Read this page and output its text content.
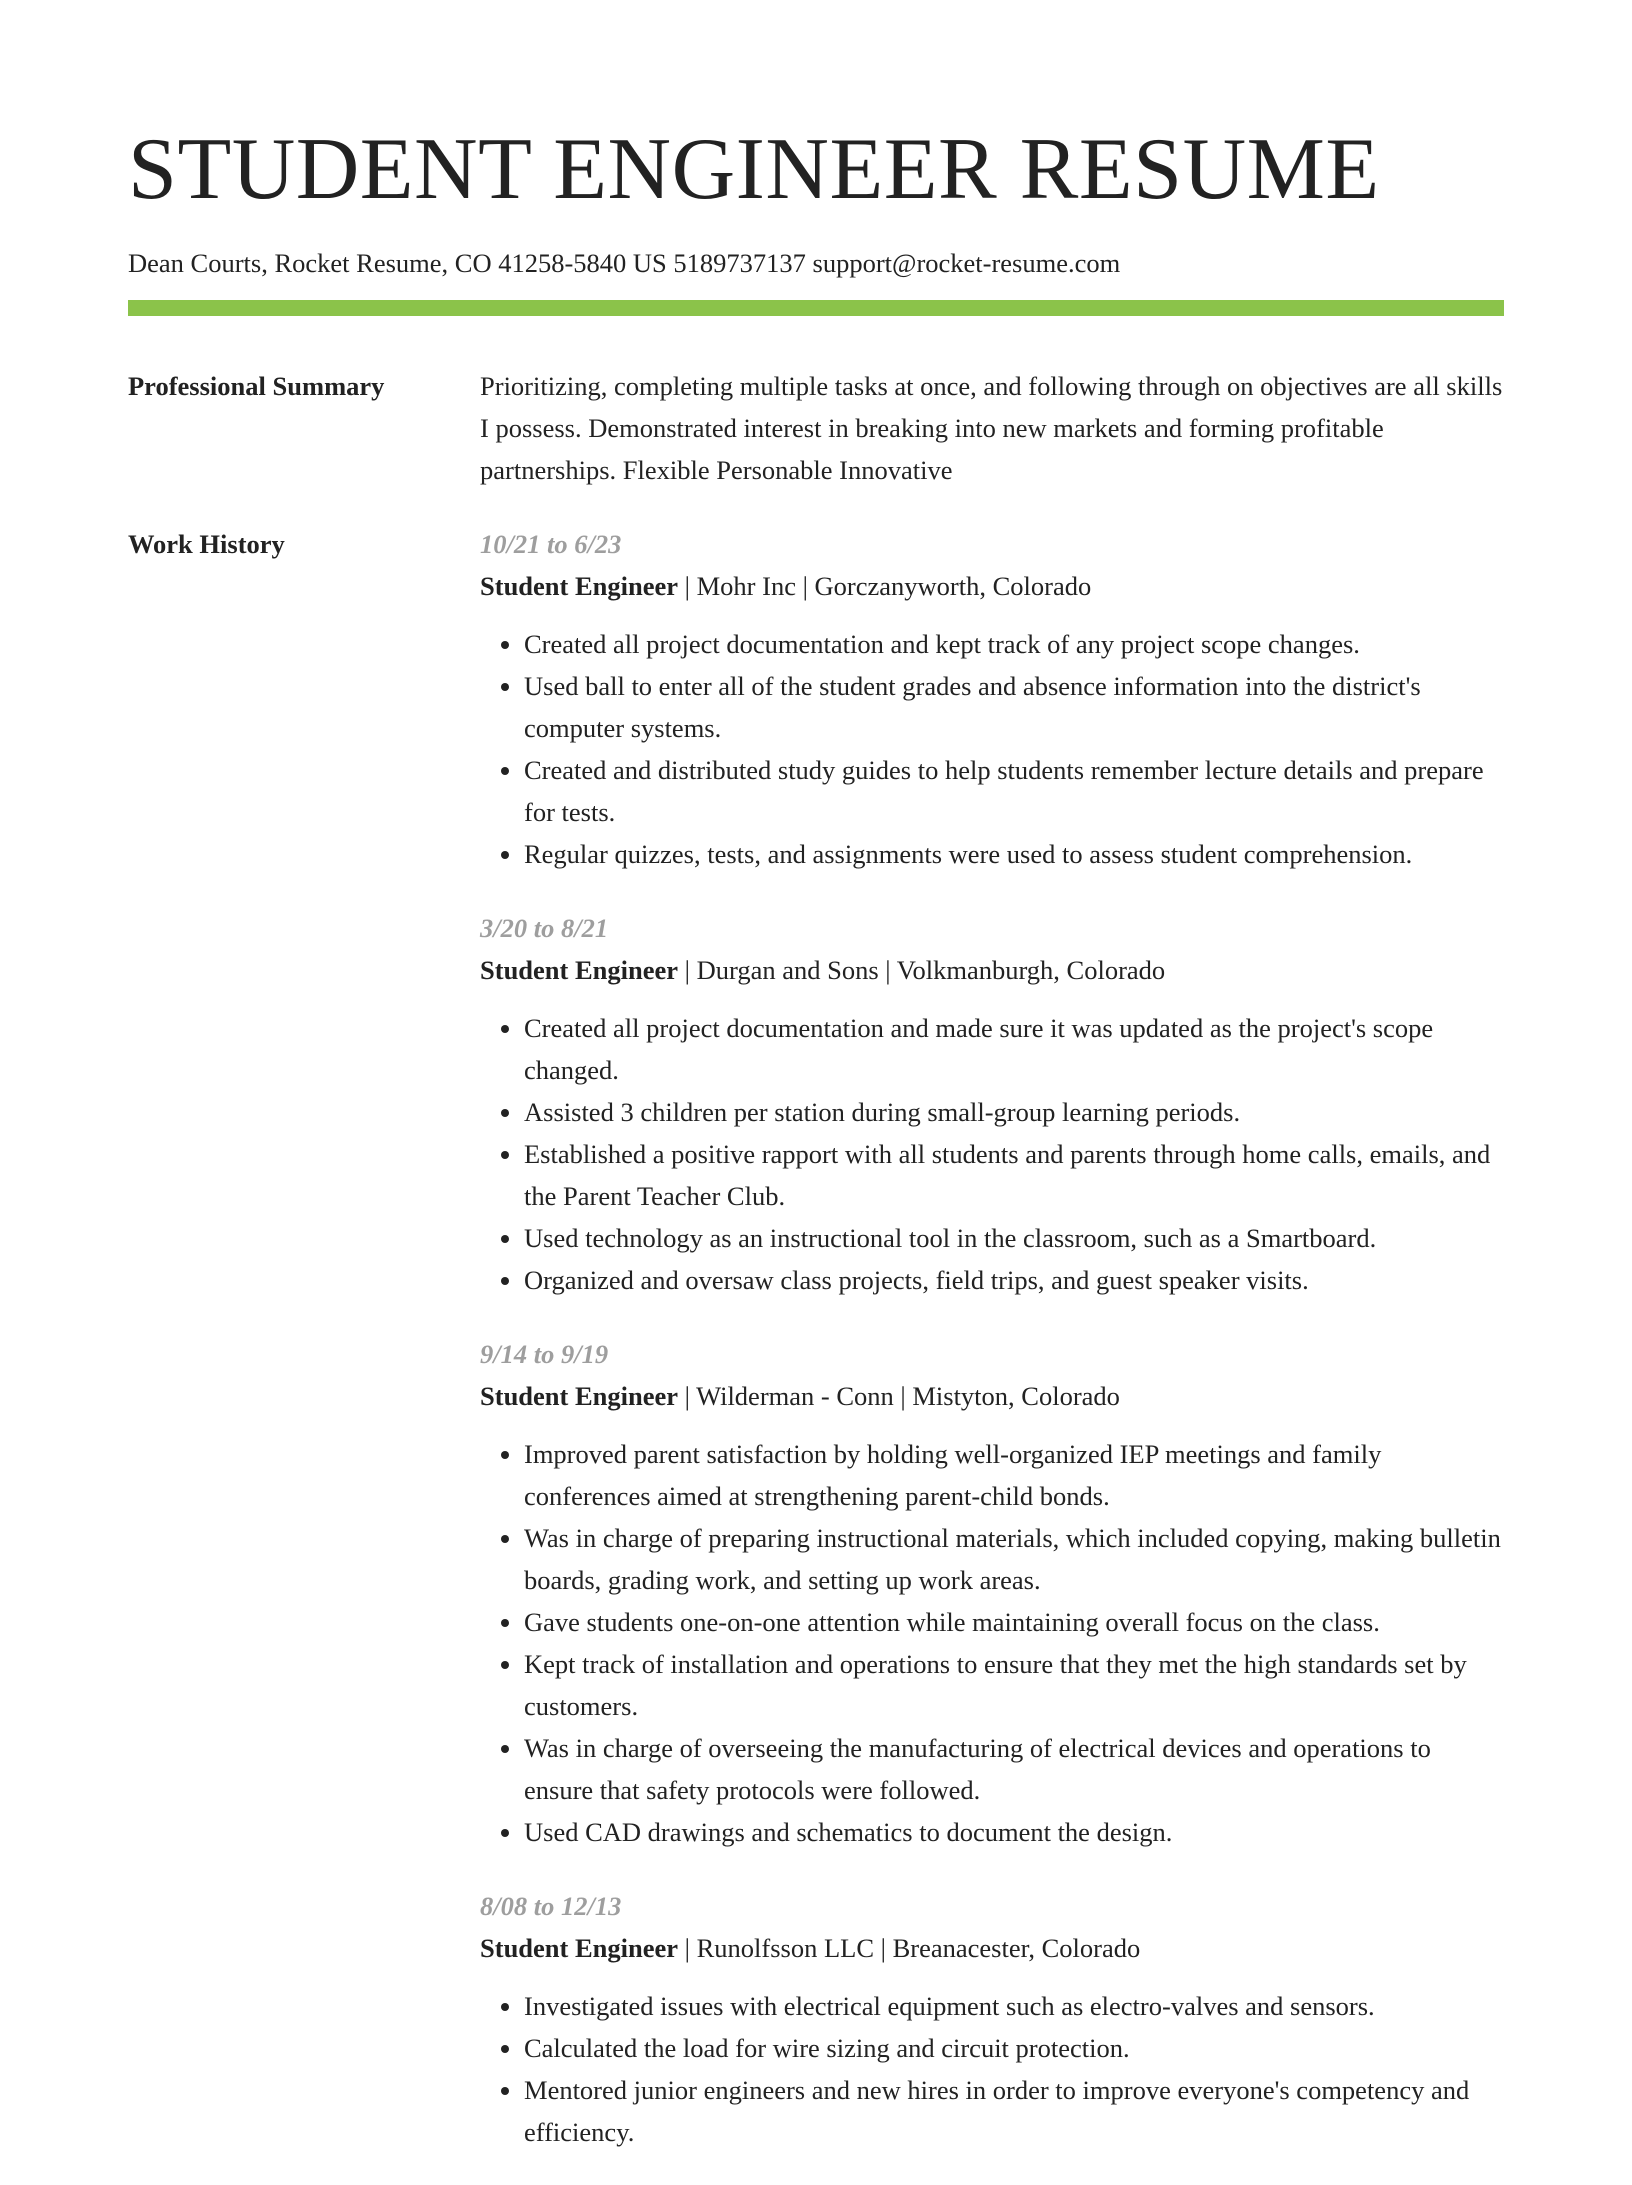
STUDENT ENGINEER RESUME
Dean Courts, Rocket Resume, CO 41258-5840 US 5189737137 support@rocket-resume.com
Professional Summary	Prioritizing, completing multiple tasks at once, and following through on objectives are all skills I possess. Demonstrated interest in breaking into new markets and forming profitable partnerships. Flexible Personable Innovative

Work History	10/21 to 6/23
Student Engineer | Mohr Inc | Gorczanyworth, Colorado
• Created all project documentation and kept track of any project scope changes.
• Used ball to enter all of the student grades and absence information into the district's computer systems.
• Created and distributed study guides to help students remember lecture details and prepare for tests.
• Regular quizzes, tests, and assignments were used to assess student comprehension.
3/20 to 8/21
Student Engineer | Durgan and Sons | Volkmanburgh, Colorado
• Created all project documentation and made sure it was updated as the project's scope changed.
• Assisted 3 children per station during small-group learning periods.
• Established a positive rapport with all students and parents through home calls, emails, and the Parent Teacher Club.
• Used technology as an instructional tool in the classroom, such as a Smartboard.
• Organized and oversaw class projects, field trips, and guest speaker visits.
9/14 to 9/19
Student Engineer | Wilderman - Conn | Mistyton, Colorado
• Improved parent satisfaction by holding well-organized IEP meetings and family conferences aimed at strengthening parent-child bonds.
• Was in charge of preparing instructional materials, which included copying, making bulletin boards, grading work, and setting up work areas.
• Gave students one-on-one attention while maintaining overall focus on the class.
• Kept track of installation and operations to ensure that they met the high standards set by customers.
• Was in charge of overseeing the manufacturing of electrical devices and operations to ensure that safety protocols were followed.
• Used CAD drawings and schematics to document the design.
8/08 to 12/13
Student Engineer | Runolfsson LLC | Breanacester, Colorado
• Investigated issues with electrical equipment such as electro-valves and sensors.
• Calculated the load for wire sizing and circuit protection.
• Mentored junior engineers and new hires in order to improve everyone's competency and efficiency.
